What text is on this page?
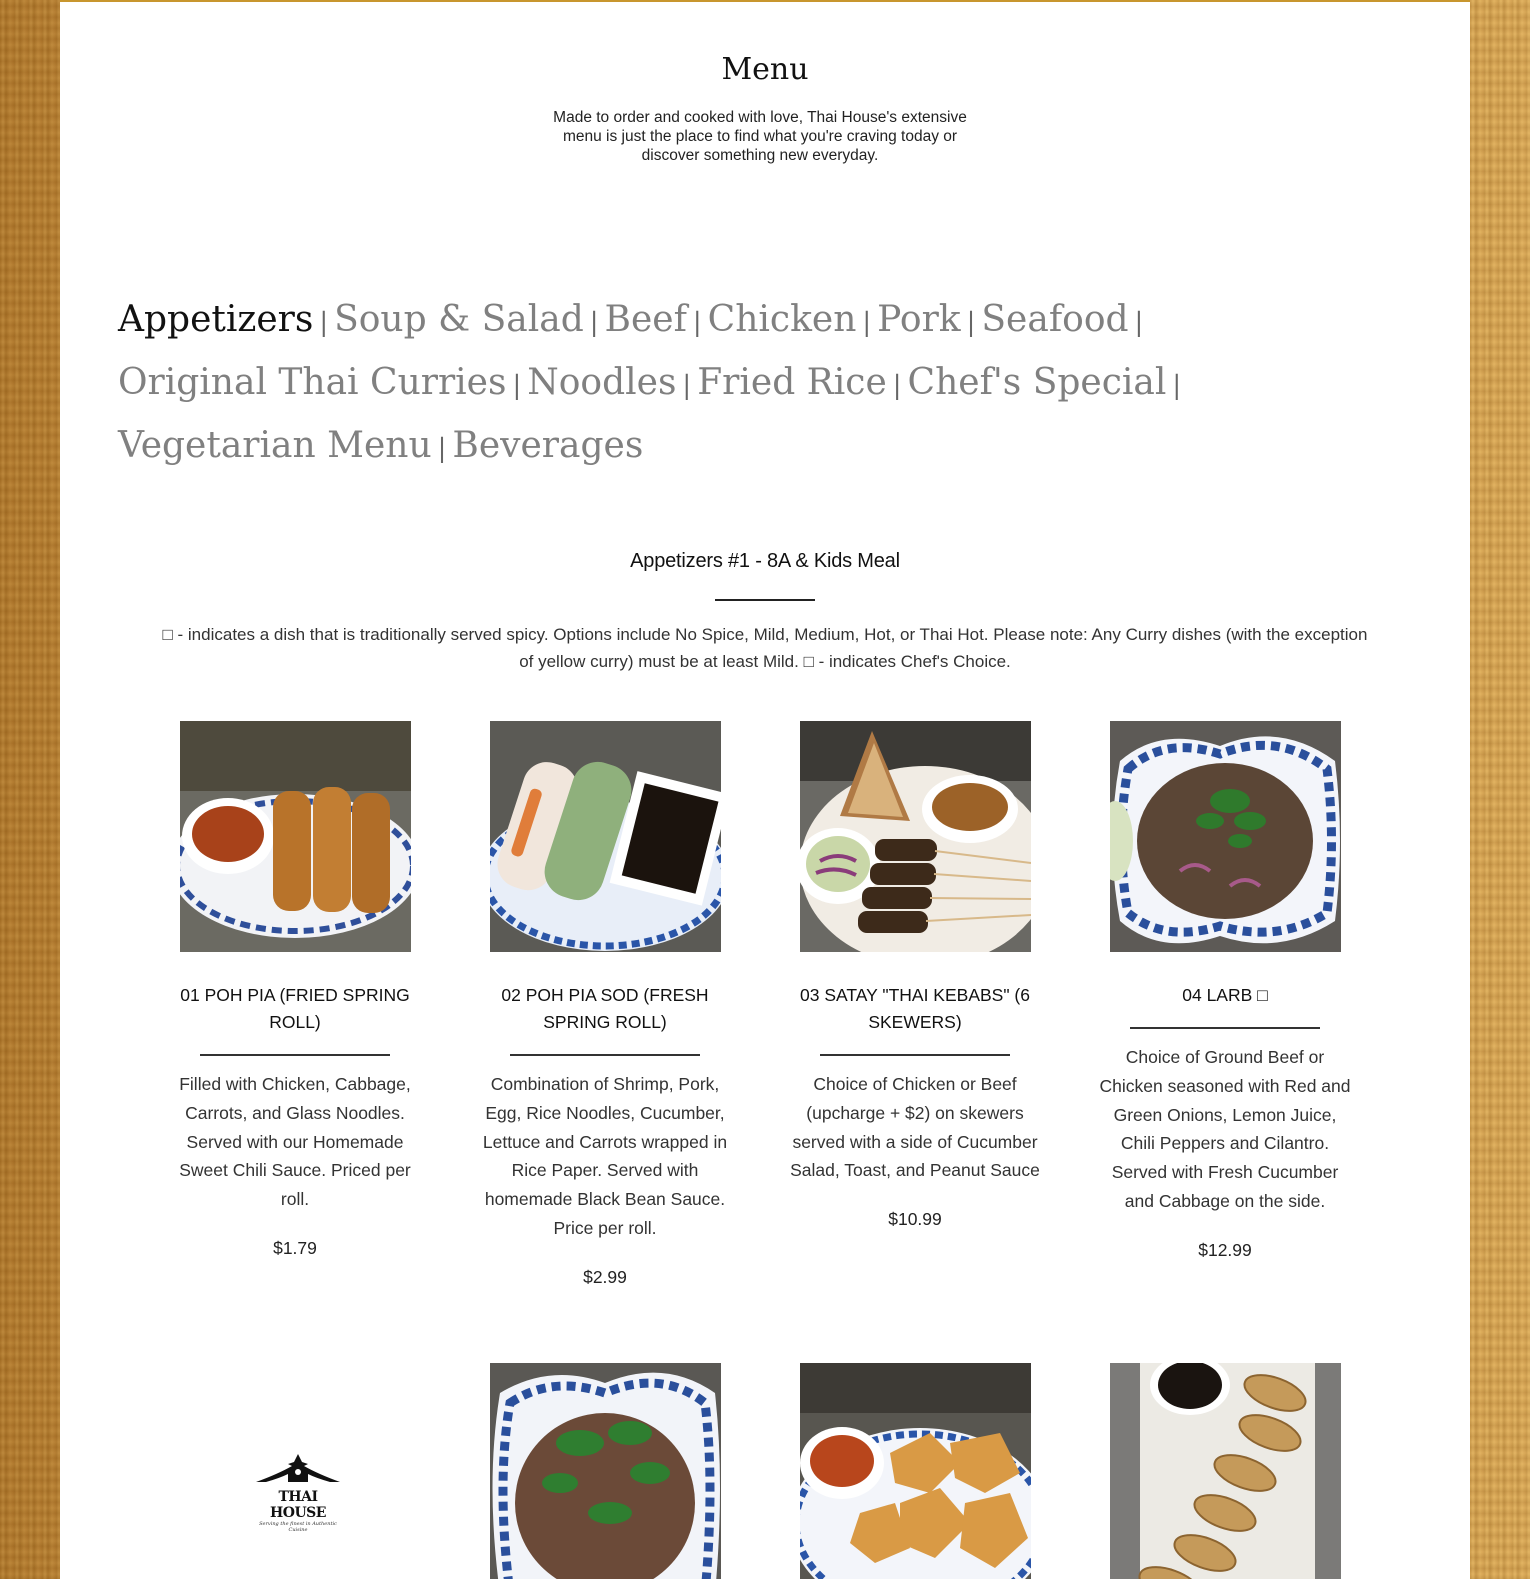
Menu
Made to order and cooked with love, Thai House's extensive menu is just the place to find what you're craving today or discover something new everyday.
Appetizers | Soup & Salad | Beef | Chicken | Pork | Seafood |
Original Thai Curries | Noodles | Fried Rice | Chef's Special |
Vegetarian Menu | Beverages
Appetizers #1 - 8A & Kids Meal
□ - indicates a dish that is traditionally served spicy. Options include No Spice, Mild, Medium, Hot, or Thai Hot. Please note: Any Curry dishes (with the exception
of yellow curry) must be at least Mild. □ - indicates Chef's Choice.
01 POH PIA (FRIED SPRING ROLL)
Filled with Chicken, Cabbage, Carrots, and Glass Noodles. Served with our Homemade Sweet Chili Sauce. Priced per roll.
$1.79
02 POH PIA SOD (FRESH SPRING ROLL)
Combination of Shrimp, Pork, Egg, Rice Noodles, Cucumber, Lettuce and Carrots wrapped in Rice Paper. Served with homemade Black Bean Sauce. Price per roll.
$2.99
03 SATAY "THAI KEBABS" (6 SKEWERS)
Choice of Chicken or Beef (upcharge + $2) on skewers served with a side of Cucumber Salad, Toast, and Peanut Sauce
$10.99
04 LARB □
Choice of Ground Beef or Chicken seasoned with Red and Green Onions, Lemon Juice, Chili Peppers and Cilantro. Served with Fresh Cucumber and Cabbage on the side.
$12.99
THAI HOUSE
Serving the finest in Authentic Cuisine
